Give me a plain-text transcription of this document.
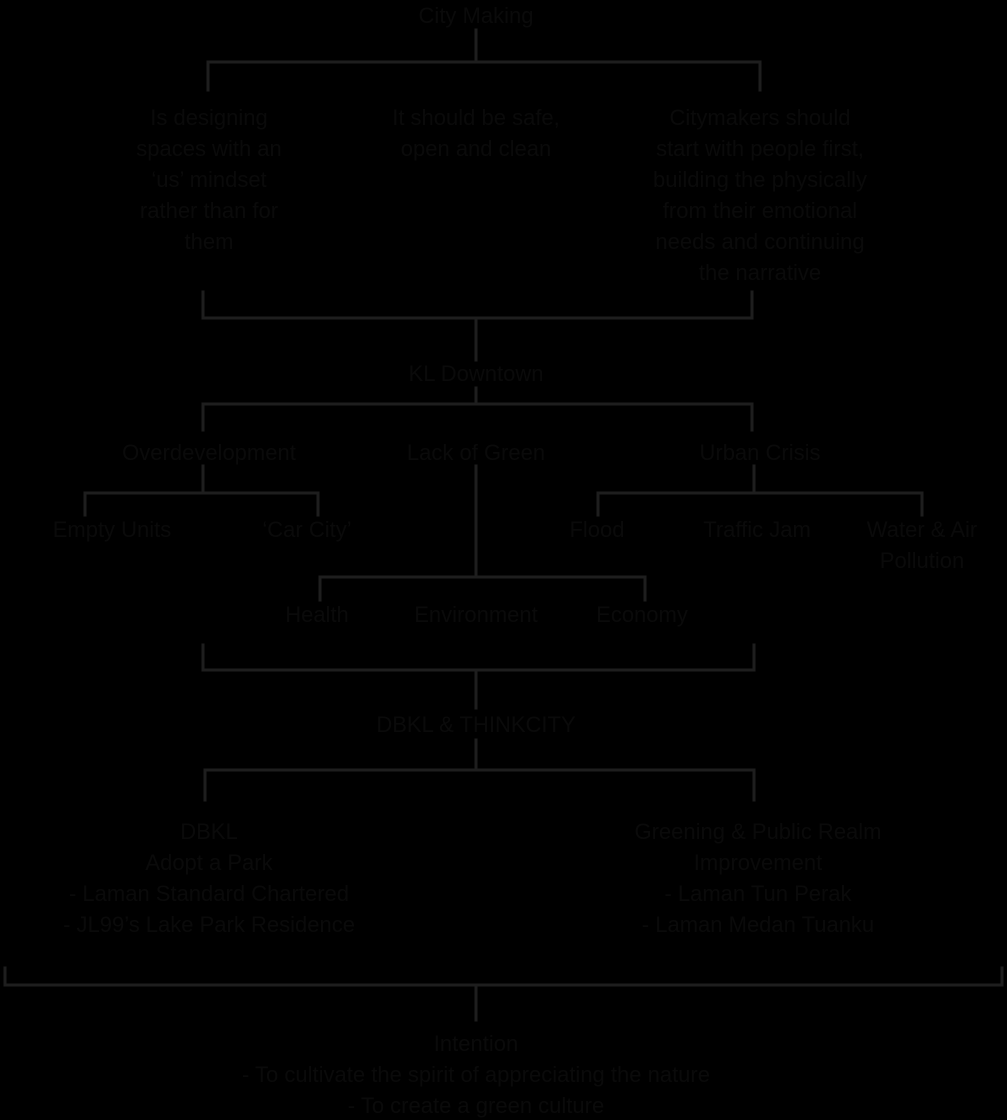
City Making
Is designing
spaces with an
‘us’ mindset
rather than for
them
It should be safe,
open and clean
Citymakers should
start with people first,
building the physically
from their emotional
needs and continuing
the narrative
KL Downtown
Overdevelopment	Lack of Green	Urban Crisis
Empty Units	‘Car City’	Flood	Traffic Jam	Water & Air Pollution
Health	Environment	Economy
DBKL & THINKCITY
DBKL
Adopt a Park
- Laman Standard Chartered
- JL99’s Lake Park Residence
Greening & Public Realm
Improvement
- Laman Tun Perak
- Laman Medan Tuanku
Intention
- To cultivate the spirit of appreciating the nature
- To create a green culture
